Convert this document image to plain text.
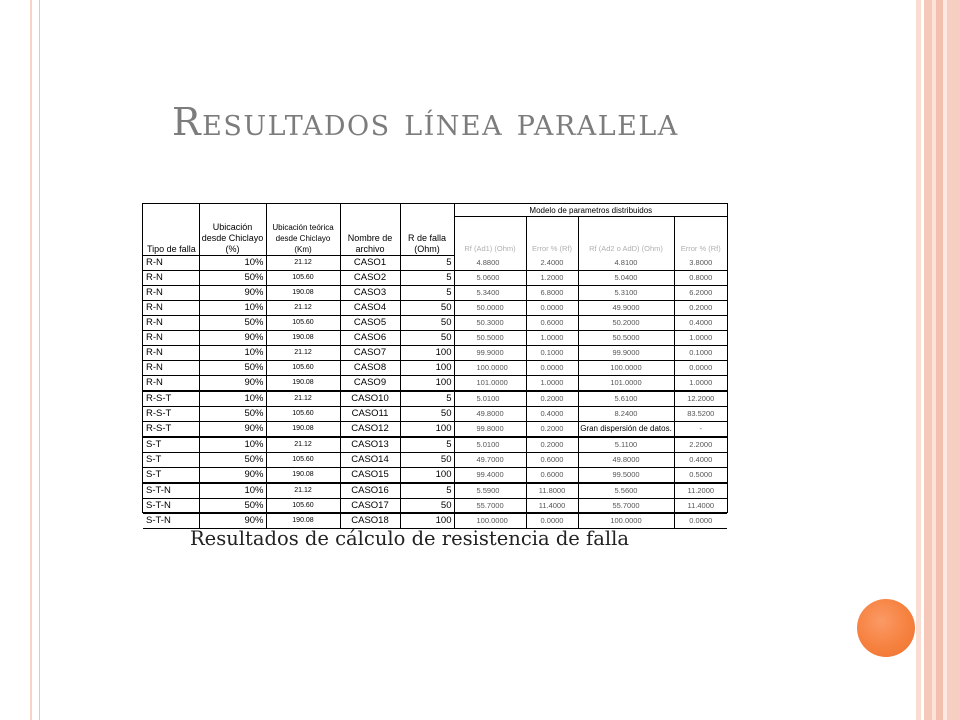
Resultados línea paralela
Tipo de falla	Ubicación desde Chiclayo (%)	Ubicación teórica desde Chiclayo (Km)	Nombre de archivo	R de falla (Ohm)	Modelo de parametros distribuidos			
					Rf (Ad1) (Ohm)	Error % (Rf)	Rf (Ad2 o AdD) (Ohm)	Error % (Rf)
R-N	10%	21.12	CASO1	5	4.8800	2.4000	4.8100	3.8000
R-N	50%	105.60	CASO2	5	5.0600	1.2000	5.0400	0.8000
R-N	90%	190.08	CASO3	5	5.3400	6.8000	5.3100	6.2000
R-N	10%	21.12	CASO4	50	50.0000	0.0000	49.9000	0.2000
R-N	50%	105.60	CASO5	50	50.3000	0.6000	50.2000	0.4000
R-N	90%	190.08	CASO6	50	50.5000	1.0000	50.5000	1.0000
R-N	10%	21.12	CASO7	100	99.9000	0.1000	99.9000	0.1000
R-N	50%	105.60	CASO8	100	100.0000	0.0000	100.0000	0.0000
R-N	90%	190.08	CASO9	100	101.0000	1.0000	101.0000	1.0000
R-S-T	10%	21.12	CASO10	5	5.0100	0.2000	5.6100	12.2000
R-S-T	50%	105.60	CASO11	50	49.8000	0.4000	8.2400	83.5200
R-S-T	90%	190.08	CASO12	100	99.8000	0.2000	Gran dispersión de datos.	-
S-T	10%	21.12	CASO13	5	5.0100	0.2000	5.1100	2.2000
S-T	50%	105.60	CASO14	50	49.7000	0.6000	49.8000	0.4000
S-T	90%	190.08	CASO15	100	99.4000	0.6000	99.5000	0.5000
S-T-N	10%	21.12	CASO16	5	5.5900	11.8000	5.5600	11.2000
S-T-N	50%	105.60	CASO17	50	55.7000	11.4000	55.7000	11.4000
S-T-N	90%	190.08	CASO18	100	100.0000	0.0000	100.0000	0.0000

Resultados de cálculo de resistencia de falla
